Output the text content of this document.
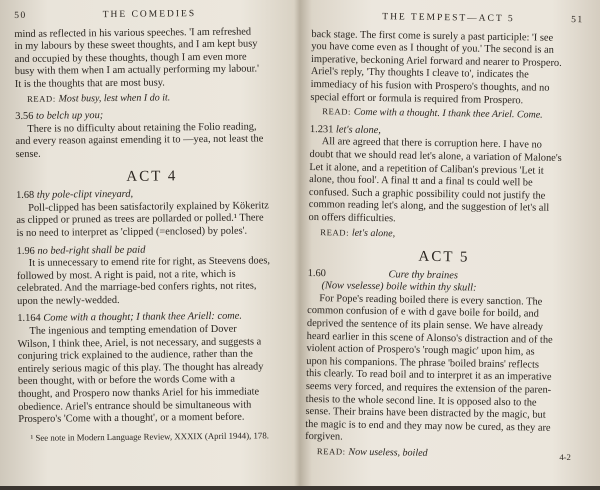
50	THE COMEDIES

mind as reflected in his various speeches. 'I am refreshed

in my labours by these sweet thoughts, and I am kept busy

and occupied by these thoughts, though I am even more

busy with them when I am actually performing my labour.'

It is the thoughts that are most busy.

READ: Most busy, lest when I do it.

3.56 to belch up you;

There is no difficulty about retaining the Folio reading,

and every reason against emending it to —yea, not least the

sense.

ACT 4

1.68 thy pole-clipt vineyard,

Poll-clipped has been satisfactorily explained by Kökeritz

as clipped or pruned as trees are pollarded or polled.¹ There

is no need to interpret as 'clipped (=enclosed) by poles'.

1.96 no bed-right shall be paid

It is unnecessary to emend rite for right, as Steevens does,

followed by most. A right is paid, not a rite, which is

celebrated. And the marriage-bed confers rights, not rites,

upon the newly-wedded.

1.164 Come with a thought; I thank thee Ariell: come.

The ingenious and tempting emendation of Dover

Wilson, I think thee, Ariel, is not necessary, and suggests a

conjuring trick explained to the audience, rather than the

entirely serious magic of this play. The thought has already

been thought, with or before the words Come with a

thought, and Prospero now thanks Ariel for his immediate

obedience. Ariel's entrance should be simultaneous with

Prospero's 'Come with a thought', or a moment before.

¹ See note in Modern Language Review, XXXIX (April 1944), 178.

THE TEMPEST—ACT 5	51

back stage. The first come is surely a past participle: 'I see

you have come even as I thought of you.' The second is an

imperative, beckoning Ariel forward and nearer to Prospero.

Ariel's reply, 'Thy thoughts I cleave to', indicates the

immediacy of his fusion with Prospero's thoughts, and no

special effort or formula is required from Prospero.

READ: Come with a thought. I thank thee Ariel. Come.

1.231 let's alone,

All are agreed that there is corruption here. I have no

doubt that we should read let's alone, a variation of Malone's

Let it alone, and a repetition of Caliban's previous 'Let it

alone, thou fool'. A final tt and a final ts could well be

confused. Such a graphic possibility could not justify the

common reading let's along, and the suggestion of let's all

on offers difficulties.

READ: let's alone,

ACT 5

1.60	Cure thy braines

(Now vselesse) boile within thy skull:

For Pope's reading boiled there is every sanction. The

common confusion of e with d gave boile for boild, and

deprived the sentence of its plain sense. We have already

heard earlier in this scene of Alonso's distraction and of the

violent action of Prospero's 'rough magic' upon him, as

upon his companions. The phrase 'boiled brains' reflects

this clearly. To read boil and to interpret it as an imperative

seems very forced, and requires the extension of the paren-

thesis to the whole second line. It is opposed also to the

sense. Their brains have been distracted by the magic, but

the magic is to end and they may now be cured, as they are

forgiven.

READ: Now useless, boiled	4-2
